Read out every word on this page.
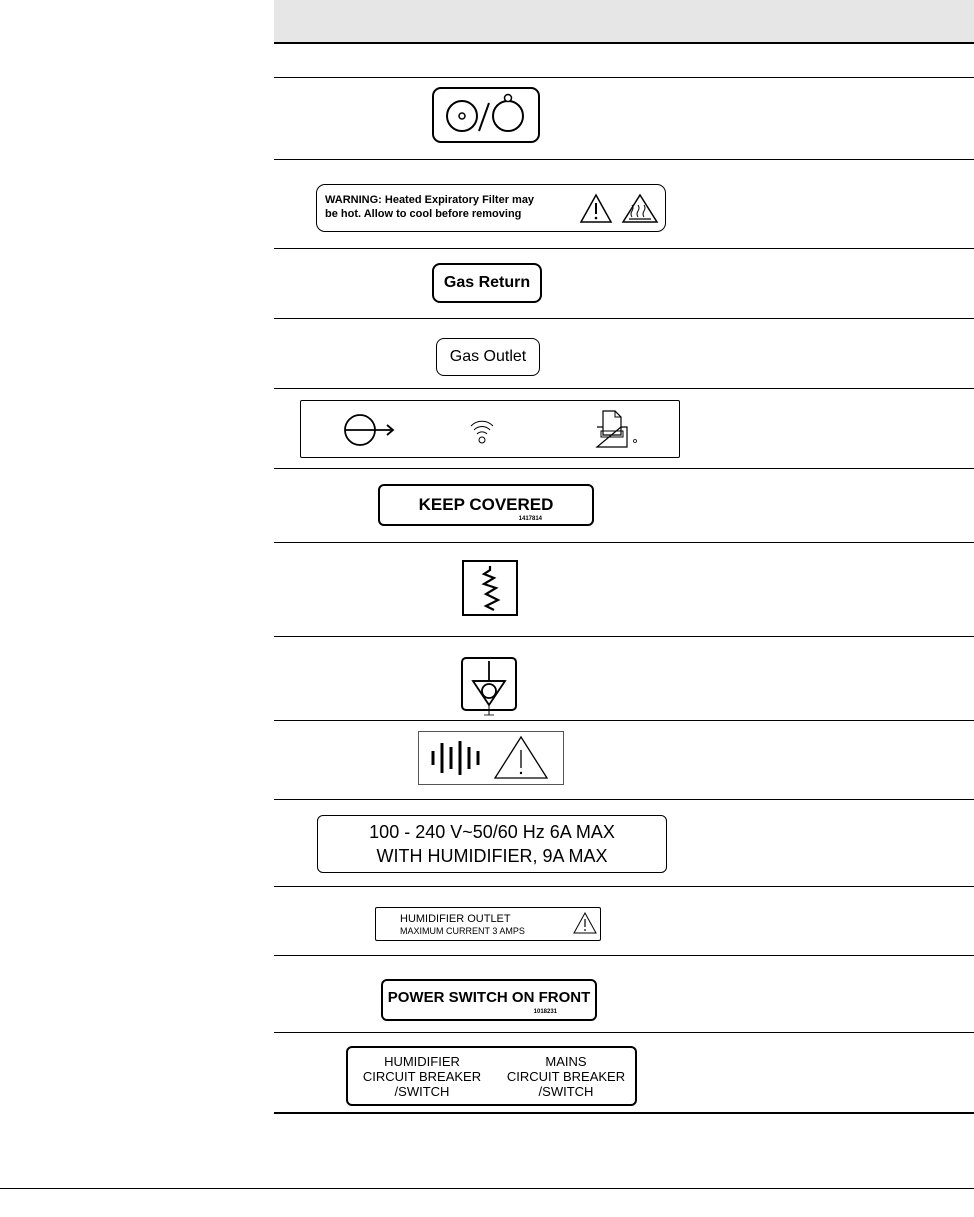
WARNING: Heated Expiratory Filter may
be hot. Allow to cool before removing
Gas Return
Gas Outlet
KEEP COVERED
1417814
100 - 240 V~50/60 Hz 6A MAX
WITH HUMIDIFIER, 9A MAX
HUMIDIFIER OUTLET
MAXIMUM CURRENT 3 AMPS
POWER SWITCH ON FRONT
1018231
HUMIDIFIER
CIRCUIT BREAKER
/SWITCH
MAINS
CIRCUIT BREAKER
/SWITCH
